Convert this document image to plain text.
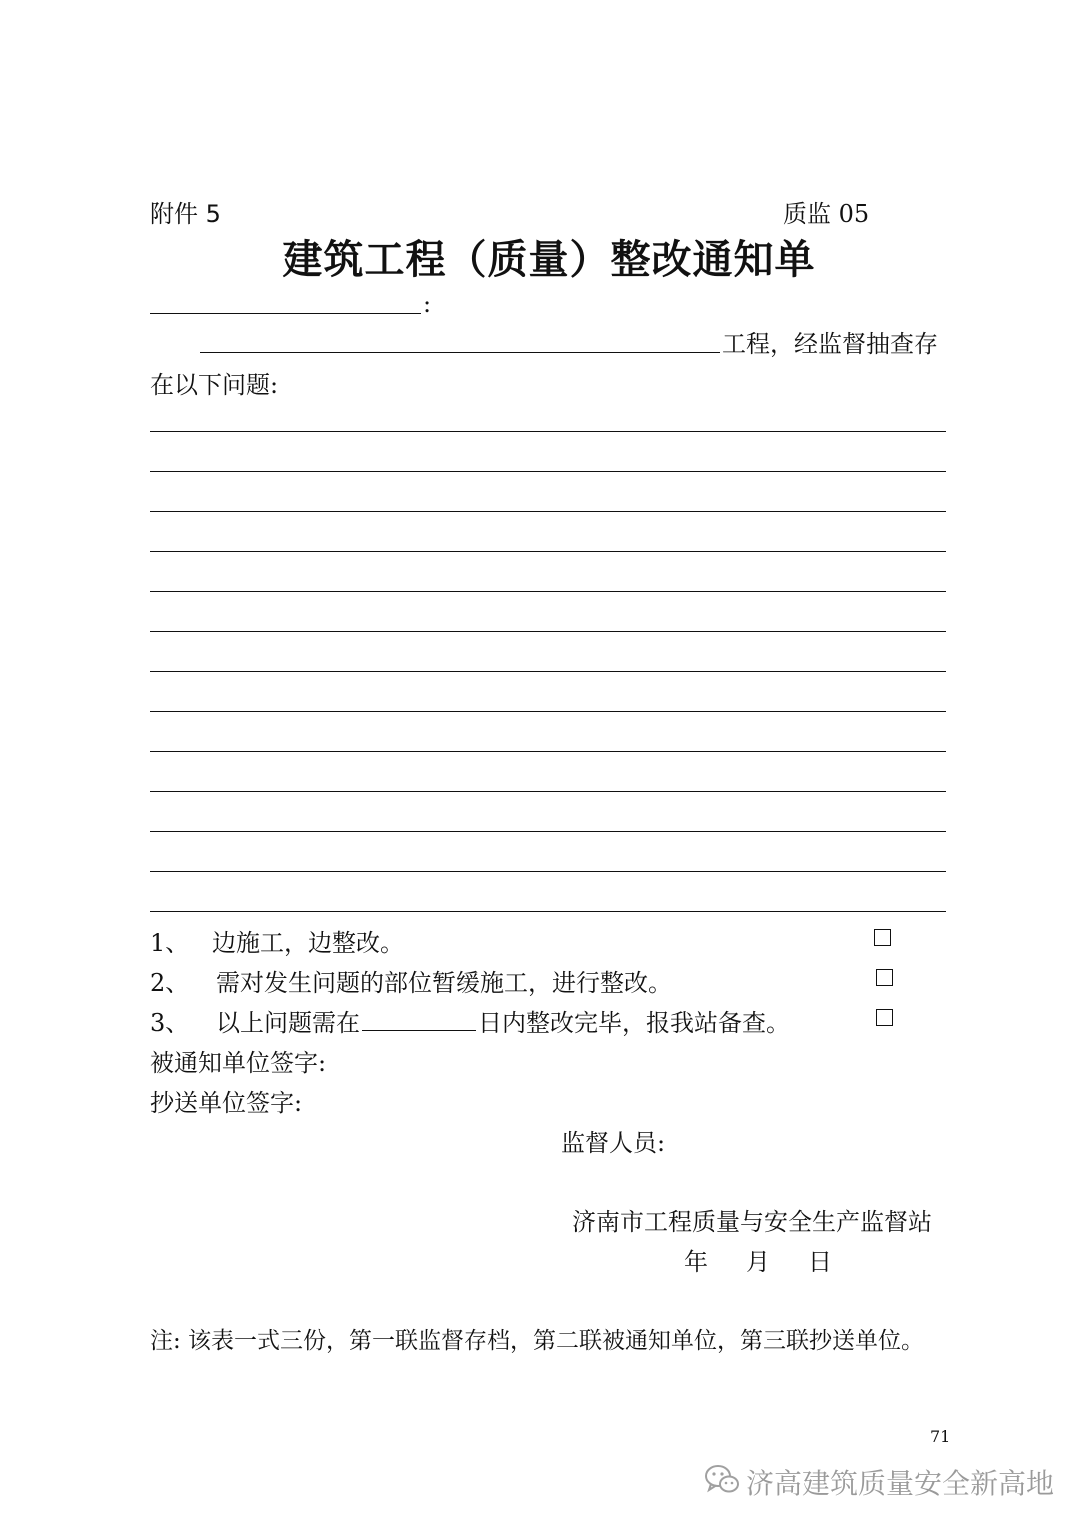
附件 5	质监 05
建筑工程（质量）整改通知单
:
工程，经监督抽查存
在以下问题:
1、 边施工，边整改。
2、 需对发生问题的部位暂缓施工，进行整改。
3、 以上问题需在	日内整改完毕，报我站备查。
被通知单位签字:
抄送单位签字:
监督人员:
济南市工程质量与安全生产监督站
年 月 日
注: 该表一式三份，第一联监督存档，第二联被通知单位，第三联抄送单位。
71
济高建筑质量安全新高地
